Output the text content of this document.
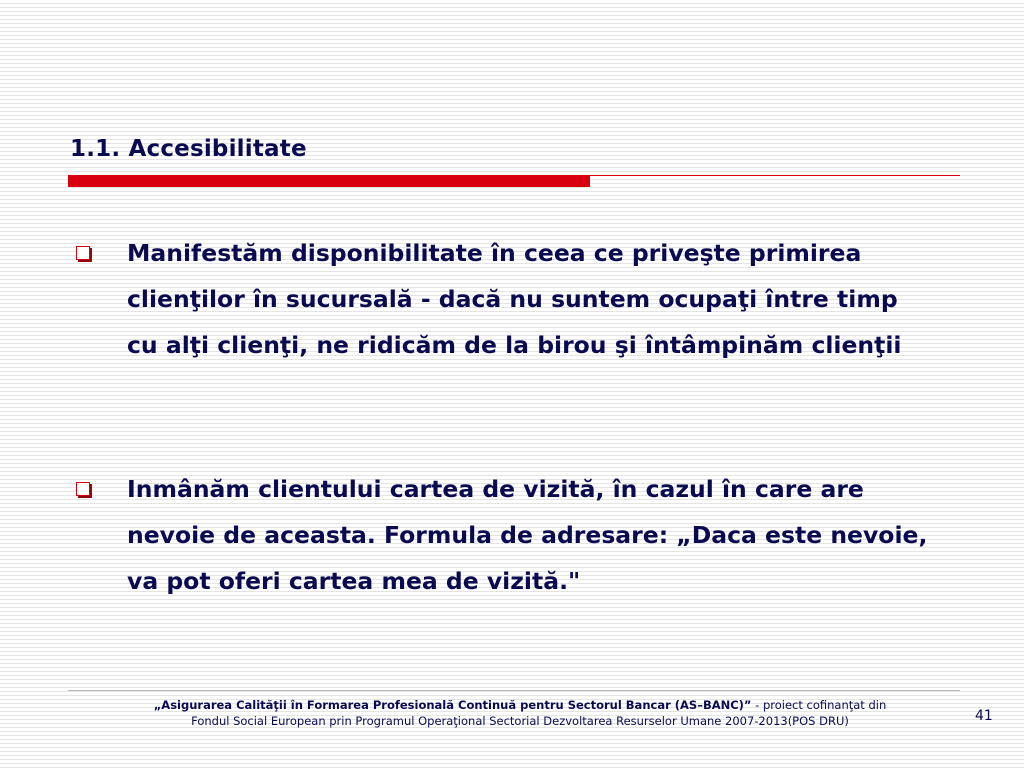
1.1. Accesibilitate
Manifestăm disponibilitate în ceea ce priveşte primirea clienţilor în sucursală - dacă nu suntem ocupaţi între timp cu alţi clienţi, ne ridicăm de la birou şi întâmpinăm clienţii
Inmânăm clientului cartea de vizită, în cazul în care are nevoie de aceasta. Formula de adresare: „Daca este nevoie, va pot oferi cartea mea de vizită."
„Asigurarea Calităţii în Formarea Profesională Continuă pentru Sectorul Bancar (AS–BANC)” - proiect cofinanţat din
Fondul Social European prin Programul Operaţional Sectorial Dezvoltarea Resurselor Umane 2007-2013(POS DRU)	41
